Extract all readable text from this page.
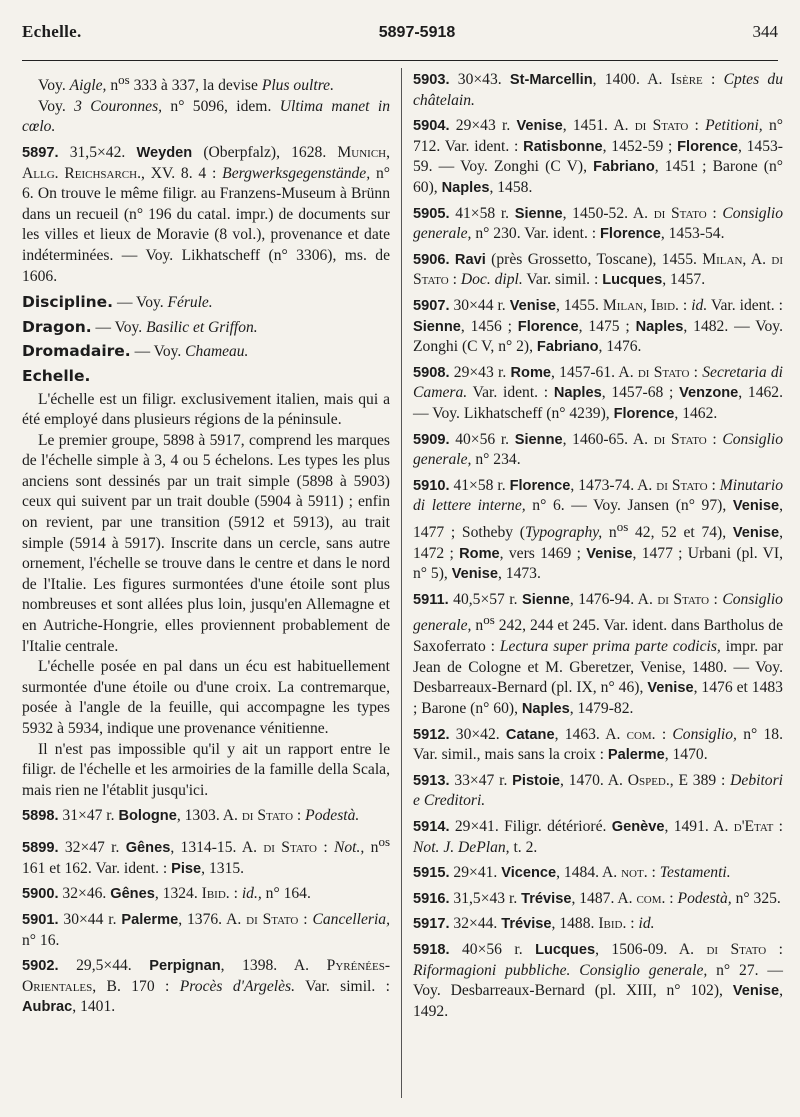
Echelle.	5897-5918	344

Voy. Aigle, $n^{os}$ 333 à 337, la devise Plus oultre.

Voy. 3 Couronnes, n° 5096, idem. Ultima manet in cœlo.

5897. 31,5×42. Weyden (Oberpfalz), 1628. Munich, Allg. Reichsarch., XV. 8. 4 : Bergwerksgegenstände, n° 6. On trouve le même filigr. au Franzens-Museum à Brünn dans un recueil (n° 196 du catal. impr.) de documents sur les villes et lieux de Moravie (8 vol.), provenance et date indéterminées. — Voy. Likhatscheff (n° 3306), ms. de 1606.

Discipline. — Voy. Férule.

Dragon. — Voy. Basilic et Griffon.

Dromadaire. — Voy. Chameau.

Echelle.

L'échelle est un filigr. exclusivement italien, mais qui a été employé dans plusieurs régions de la péninsule.

Le premier groupe, 5898 à 5917, comprend les marques de l'échelle simple à 3, 4 ou 5 échelons. Les types les plus anciens sont dessinés par un trait simple (5898 à 5903) ceux qui suivent par un trait double (5904 à 5911) ; enfin on revient, par une transition (5912 et 5913), au trait simple (5914 à 5917). Inscrite dans un cercle, sans autre ornement, l'échelle se trouve dans le centre et dans le nord de l'Italie. Les figures surmontées d'une étoile sont plus nombreuses et sont allées plus loin, jusqu'en Allemagne et en Autriche-Hongrie, elles proviennent probablement de l'Italie centrale.

L'échelle posée en pal dans un écu est habituellement surmontée d'une étoile ou d'une croix. La contremarque, posée à l'angle de la feuille, qui accompagne les types 5932 à 5934, indique une provenance vénitienne.

Il n'est pas impossible qu'il y ait un rapport entre le filigr. de l'échelle et les armoiries de la famille della Scala, mais rien ne l'établit jusqu'ici.

5898. 31×47 r. Bologne, 1303. A. di Stato : Podestà.

5899. 32×47 r. Gênes, 1314-15. A. di Stato : Not., $n^{os}$ 161 et 162. Var. ident. : Pise, 1315.

5900. 32×46. Gênes, 1324. Ibid. : id., n° 164.

5901. 30×44 r. Palerme, 1376. A. di Stato : Cancelleria, n° 16.

5902. 29,5×44. Perpignan, 1398. A. Pyrénées-Orientales, B. 170 : Procès d'Argelès. Var. simil. : Aubrac, 1401.

5903. 30×43. St-Marcellin, 1400. A. Isère : Cptes du châtelain.

5904. 29×43 r. Venise, 1451. A. di Stato : Petitioni, n° 712. Var. ident. : Ratisbonne, 1452-59 ; Florence, 1453-59. — Voy. Zonghi (C V), Fabriano, 1451 ; Barone (n° 60), Naples, 1458.

5905. 41×58 r. Sienne, 1450-52. A. di Stato : Consiglio generale, n° 230. Var. ident. : Florence, 1453-54.

5906. Ravi (près Grossetto, Toscane), 1455. Milan, A. di Stato : Doc. dipl. Var. simil. : Lucques, 1457.

5907. 30×44 r. Venise, 1455. Milan, Ibid. : id. Var. ident. : Sienne, 1456 ; Florence, 1475 ; Naples, 1482. — Voy. Zonghi (C V, n° 2), Fabriano, 1476.

5908. 29×43 r. Rome, 1457-61. A. di Stato : Secretaria di Camera. Var. ident. : Naples, 1457-68 ; Venzone, 1462. — Voy. Likhatscheff (n° 4239), Florence, 1462.

5909. 40×56 r. Sienne, 1460-65. A. di Stato : Consiglio generale, n° 234.

5910. 41×58 r. Florence, 1473-74. A. di Stato : Minutario di lettere interne, n° 6. — Voy. Jansen (n° 97), Venise, 1477 ; Sotheby (Typography, $n^{os}$ 42, 52 et 74), Venise, 1472 ; Rome, vers 1469 ; Venise, 1477 ; Urbani (pl. VI, n° 5), Venise, 1473.

5911. 40,5×57 r. Sienne, 1476-94. A. di Stato : Consiglio generale, $n^{os}$ 242, 244 et 245. Var. ident. dans Bartholus de Saxoferrato : Lectura super prima parte codicis, impr. par Jean de Cologne et M. Gberetzer, Venise, 1480. — Voy. Desbarreaux-Bernard (pl. IX, n° 46), Venise, 1476 et 1483 ; Barone (n° 60), Naples, 1479-82.

5912. 30×42. Catane, 1463. A. com. : Consiglio, n° 18. Var. simil., mais sans la croix : Palerme, 1470.

5913. 33×47 r. Pistoie, 1470. A. Osped., E 389 : Debitori e Creditori.

5914. 29×41. Filigr. détérioré. Genève, 1491. A. d'Etat : Not. J. DePlan, t. 2.

5915. 29×41. Vicence, 1484. A. not. : Testamenti.

5916. 31,5×43 r. Trévise, 1487. A. com. : Podestà, n° 325.

5917. 32×44. Trévise, 1488. Ibid. : id.

5918. 40×56 r. Lucques, 1506-09. A. di Stato : Riformagioni pubbliche. Consiglio generale, n° 27. — Voy. Desbarreaux-Bernard (pl. XIII, n° 102), Venise, 1492.
